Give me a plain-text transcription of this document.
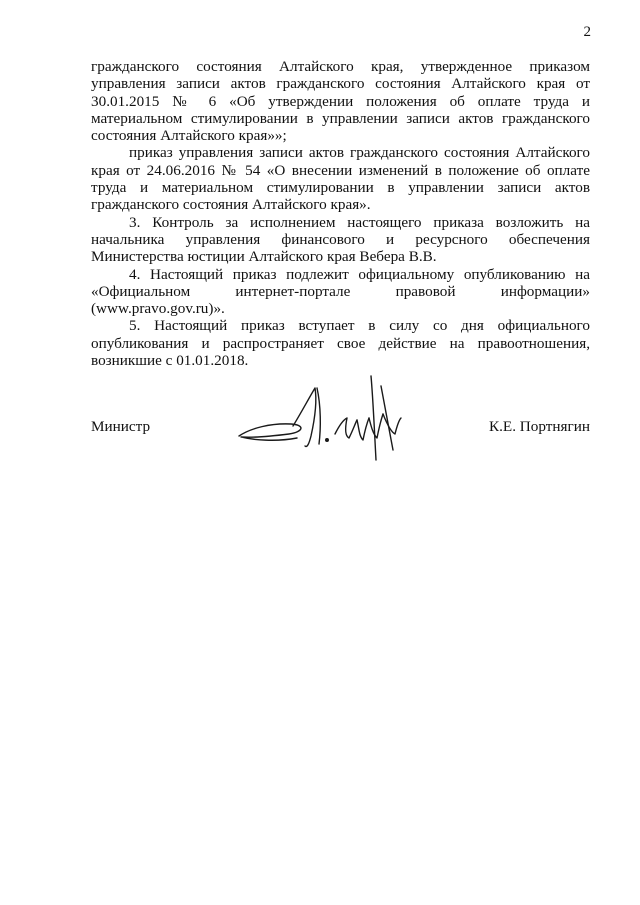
2

гражданского состояния Алтайского края, утвержденное приказом управления записи актов гражданского состояния Алтайского края от 30.01.2015 № 6 «Об утверждении положения об оплате труда и материальном стимулировании в управлении записи актов гражданского состояния Алтайского края»»;

приказ управления записи актов гражданского состояния Алтайского края от 24.06.2016 № 54 «О внесении изменений в положение об оплате труда и материальном стимулировании в управлении записи актов гражданского состояния Алтайского края».

3. Контроль за исполнением настоящего приказа возложить на начальника управления финансового и ресурсного обеспечения Министерства юстиции Алтайского края Вебера В.В.

4. Настоящий приказ подлежит официальному опубликованию на «Официальном интернет-портале правовой информации» (www.pravo.gov.ru)».

5. Настоящий приказ вступает в силу со дня официального опубликования и распространяет свое действие на правоотношения, возникшие с 01.01.2018.

Министр	К.Е. Портнягин
